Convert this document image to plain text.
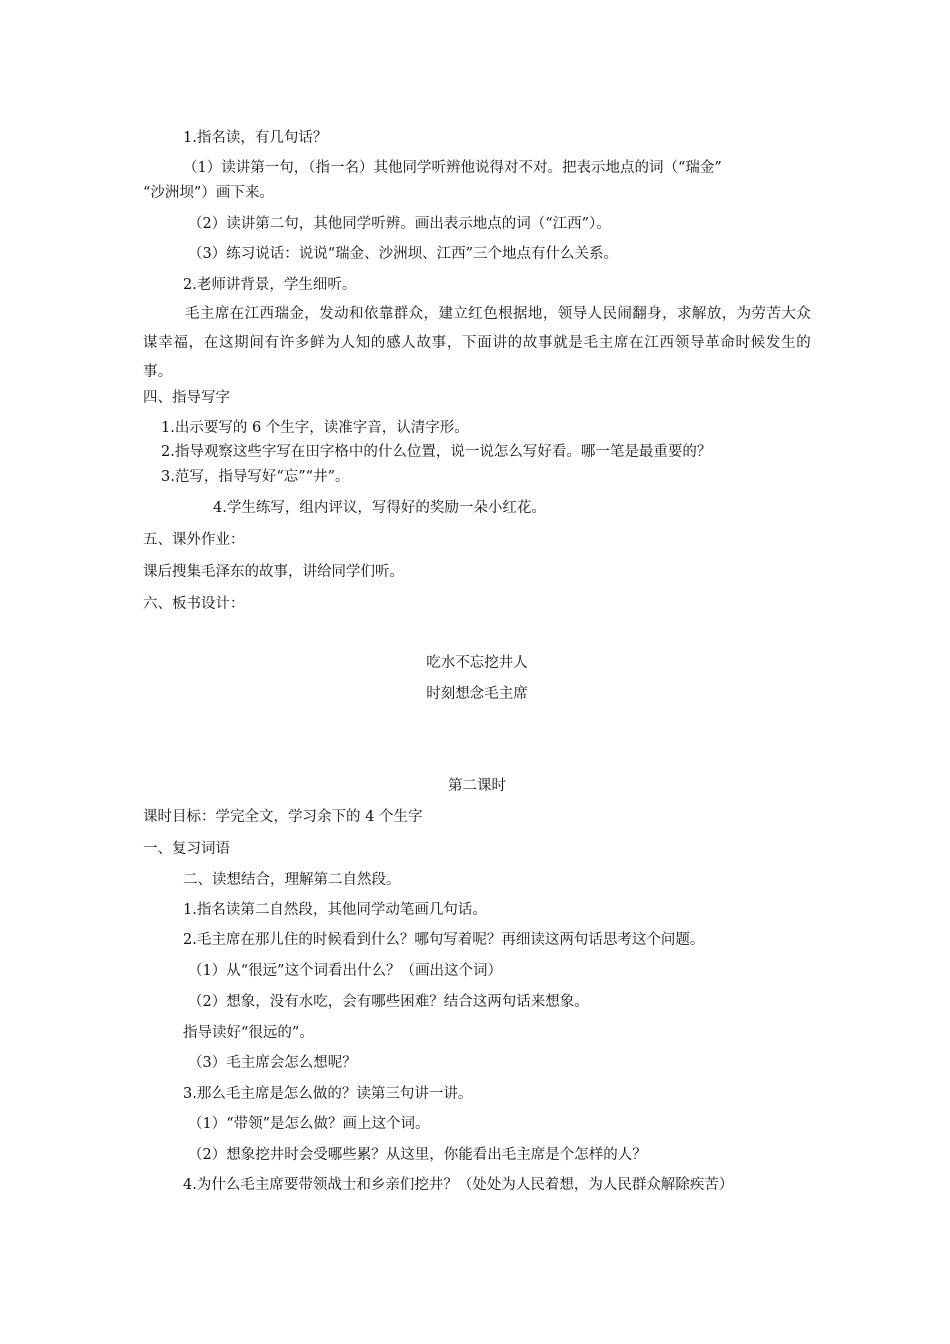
1.指名读，有几句话？
（1）读讲第一句，（指一名）其他同学听辨他说得对不对。把表示地点的词（“瑞金”
“沙洲坝”）画下来。
（2）读讲第二句，其他同学听辨。画出表示地点的词（“江西”）。
（3）练习说话：说说“瑞金、沙洲坝、江西”三个地点有什么关系。
2.老师讲背景，学生细听。
毛主席在江西瑞金，发动和依靠群众，建立红色根据地，领导人民闹翻身，求解放，为劳苦大众谋幸福，在这期间有许多鲜为人知的感人故事，下面讲的故事就是毛主席在江西领导革命时候发生的事。
四、指导写字
1.出示要写的 6 个生字，读准字音，认清字形。
2.指导观察这些字写在田字格中的什么位置，说一说怎么写好看。哪一笔是最重要的？
3.范写，指导写好“忘”“井”。
4.学生练写，组内评议，写得好的奖励一朵小红花。
五、课外作业：
课后搜集毛泽东的故事，讲给同学们听。
六、板书设计：
吃水不忘挖井人
时刻想念毛主席
第二课时
课时目标：学完全文，学习余下的 4 个生字
一、复习词语
二、读想结合，理解第二自然段。
1.指名读第二自然段，其他同学动笔画几句话。
2.毛主席在那儿住的时候看到什么？哪句写着呢？再细读这两句话思考这个问题。
（1）从“很远”这个词看出什么？（画出这个词）
（2）想象，没有水吃，会有哪些困难？结合这两句话来想象。
指导读好“很远的”。
（3）毛主席会怎么想呢？
3.那么毛主席是怎么做的？读第三句讲一讲。
（1）“带领”是怎么做？画上这个词。
（2）想象挖井时会受哪些累？从这里，你能看出毛主席是个怎样的人？
4.为什么毛主席要带领战士和乡亲们挖井？（处处为人民着想，为人民群众解除疾苦）
